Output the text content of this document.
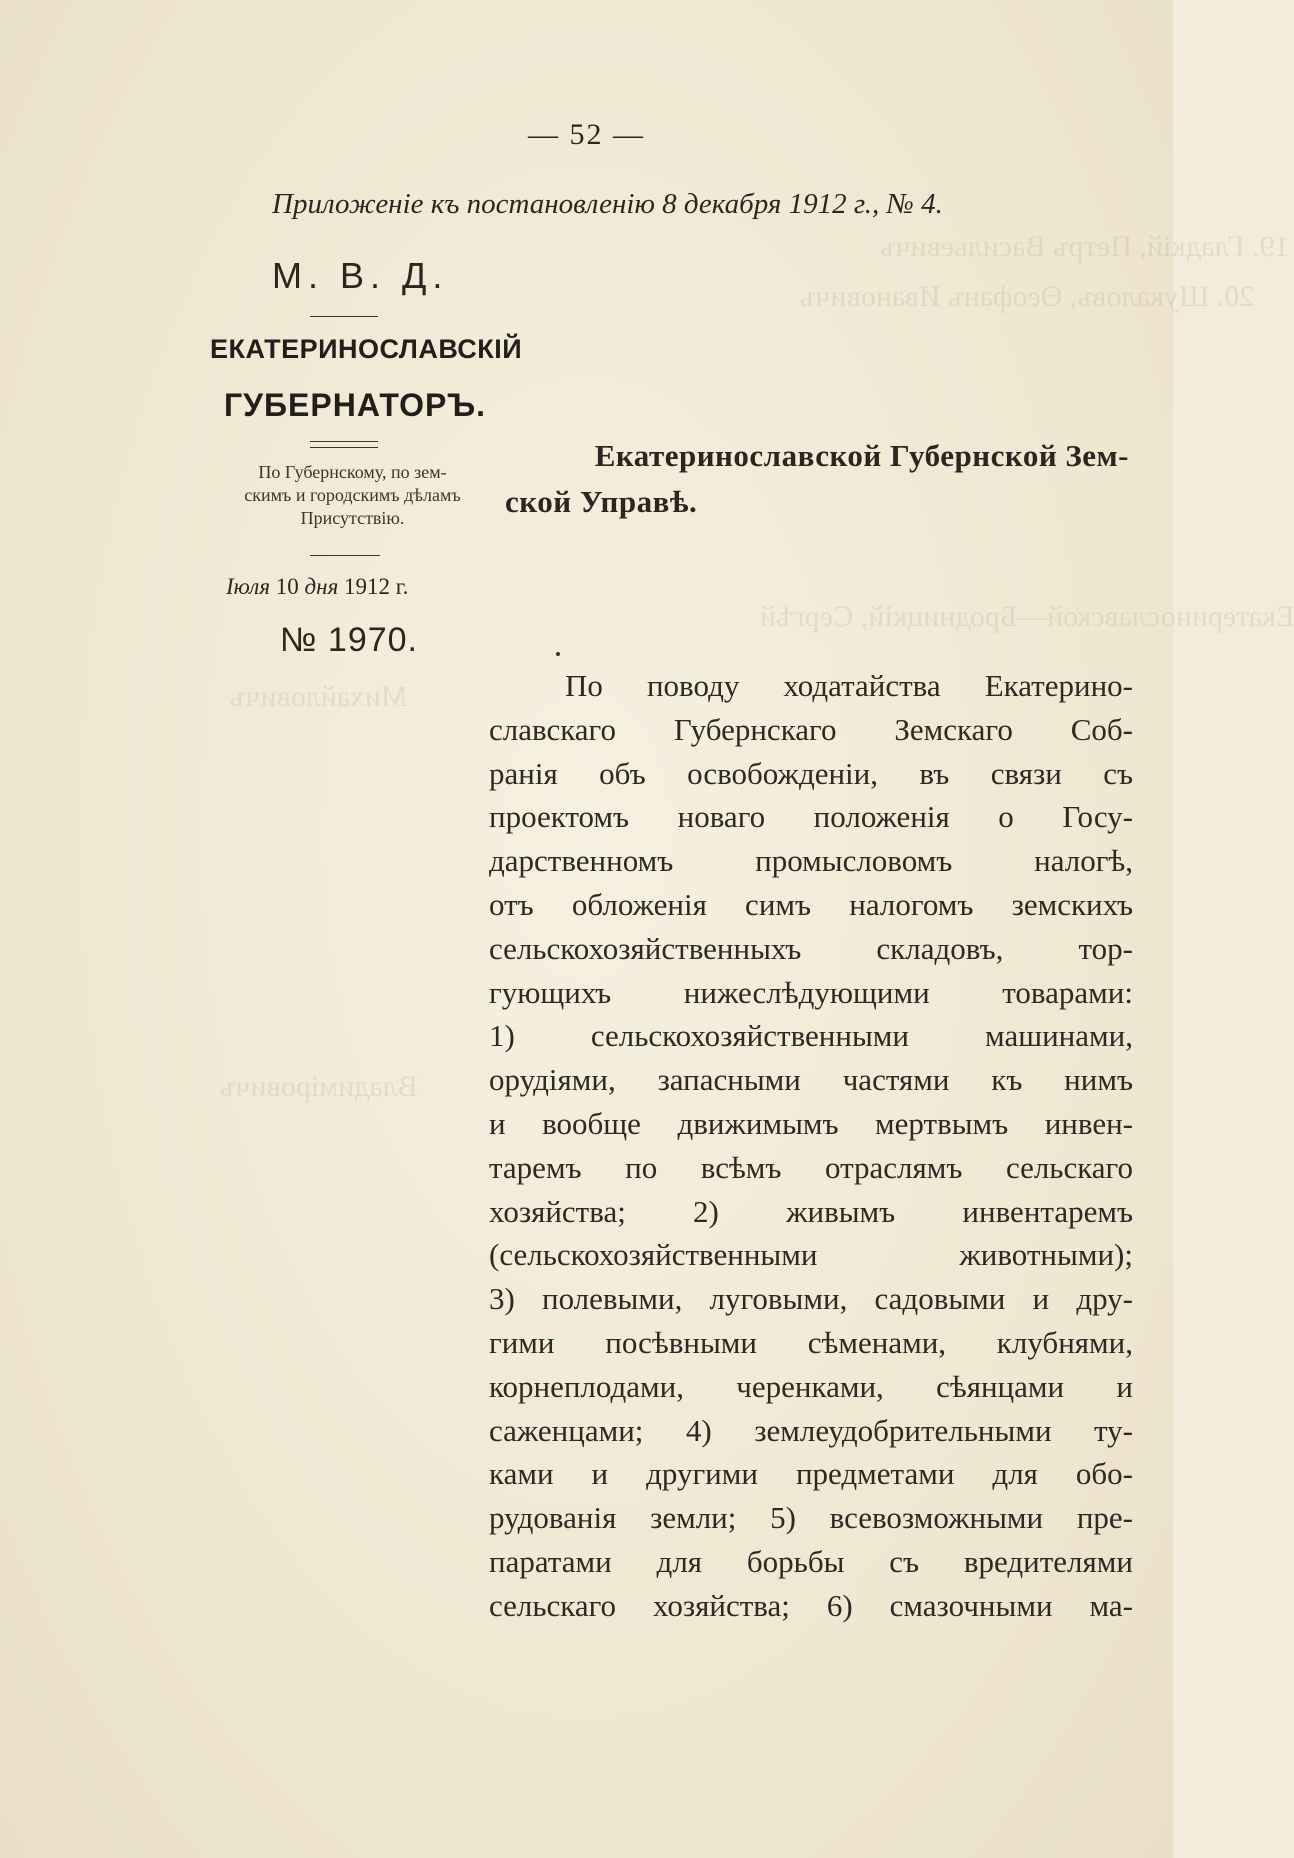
19. Гладкій, Петръ Васильевичъ
20. Шукаловъ, Өеофанъ Ивановичъ
Екатеринославской—Бродницкій, Сергѣй
Михайловичъ
Владиміровичъ
— 52 —
Приложеніе къ постановленію 8 декабря 1912 г., № 4.
М. В. Д.
ЕКАТЕРИНОСЛАВСКІЙ
ГУБЕРНАТОРЪ.
По Губернскому, по зем-
скимъ и городскимъ дѣламъ
Присутствію.
Іюля 10 дня 1912 г.
№ 1970.
Екатеринославской Губернской Зем-
ской Управѣ.
По поводу ходатайства Екатерино-
славскаго Губернскаго Земскаго Соб-
ранія объ освобожденіи, въ связи съ
проектомъ новаго положенія о Госу-
дарственномъ промысловомъ налогѣ,
отъ обложенія симъ налогомъ земскихъ
сельскохозяйственныхъ складовъ, тор-
гующихъ нижеслѣдующими товарами:
1) сельскохозяйственными машинами,
орудіями, запасными частями къ нимъ
и вообще движимымъ мертвымъ инвен-
таремъ по всѣмъ отраслямъ сельскаго
хозяйства; 2) живымъ инвентаремъ
(сельскохозяйственными животными);
3) полевыми, луговыми, садовыми и дру-
гими посѣвными сѣменами, клубнями,
корнеплодами, черенками, сѣянцами и
саженцами; 4) землеудобрительными ту-
ками и другими предметами для обо-
рудованія земли; 5) всевозможными пре-
паратами для борьбы съ вредителями
сельскаго хозяйства; 6) смазочными ма-
